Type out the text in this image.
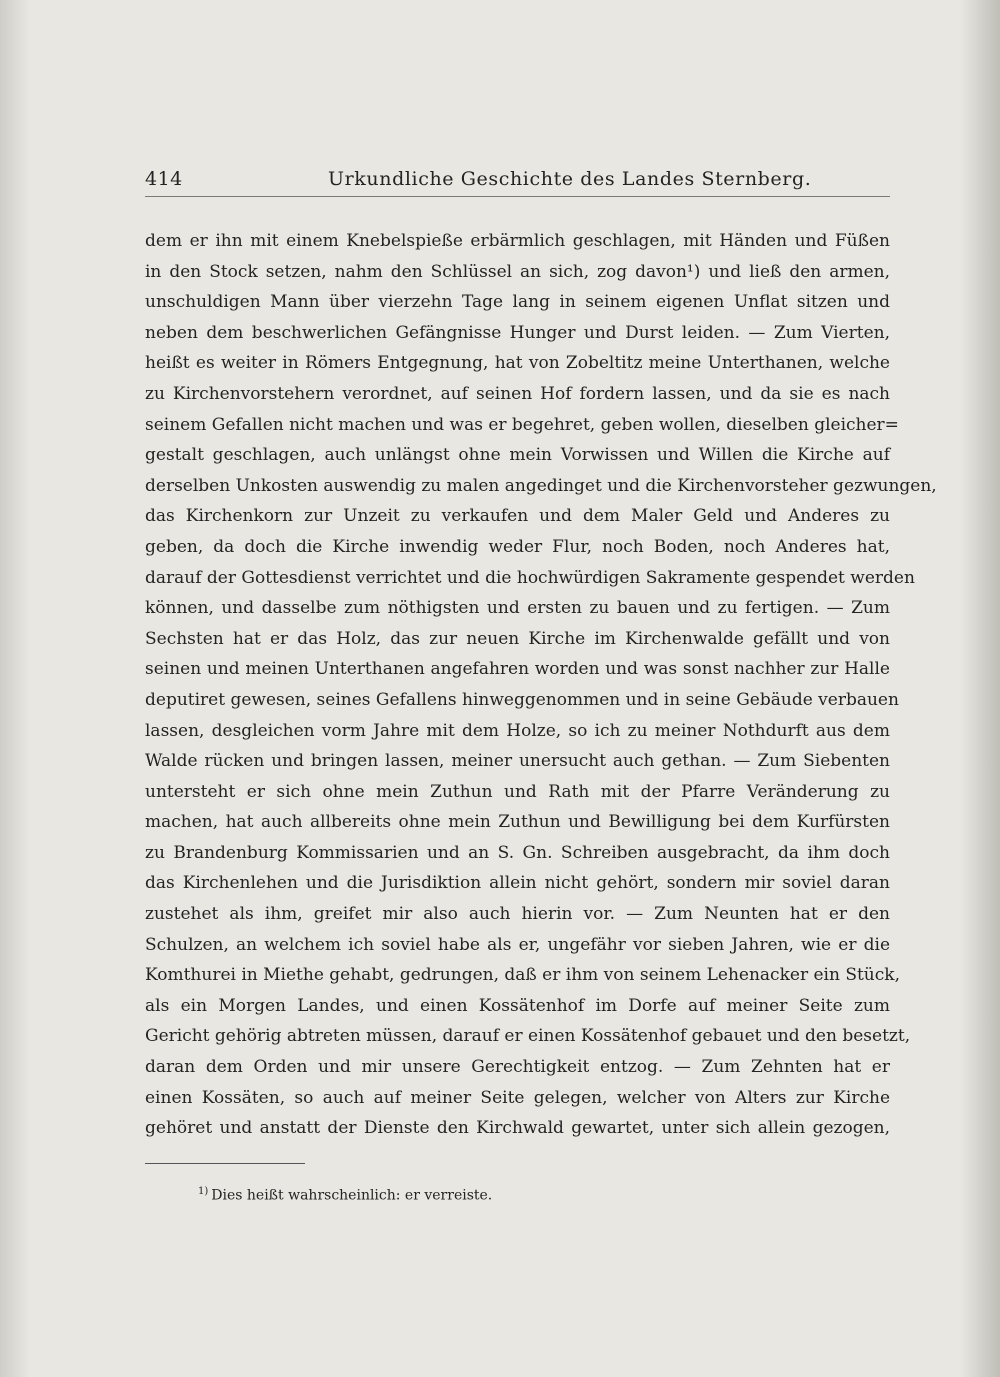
414	Urkundliche Geschichte des Landes Sternberg.
dem er ihn mit einem Knebelspieße erbärmlich geschlagen, mit Händen und Füßen
in den Stock setzen, nahm den Schlüssel an sich, zog davon¹) und ließ den armen,
unschuldigen Mann über vierzehn Tage lang in seinem eigenen Unflat sitzen und
neben dem beschwerlichen Gefängnisse Hunger und Durst leiden. — Zum Vierten,
heißt es weiter in Römers Entgegnung, hat von Zobeltitz meine Unterthanen, welche
zu Kirchenvorstehern verordnet, auf seinen Hof fordern lassen, und da sie es nach
seinem Gefallen nicht machen und was er begehret, geben wollen, dieselben gleicher=
gestalt geschlagen, auch unlängst ohne mein Vorwissen und Willen die Kirche auf
derselben Unkosten auswendig zu malen angedinget und die Kirchenvorsteher gezwungen,
das Kirchenkorn zur Unzeit zu verkaufen und dem Maler Geld und Anderes zu
geben, da doch die Kirche inwendig weder Flur, noch Boden, noch Anderes hat,
darauf der Gottesdienst verrichtet und die hochwürdigen Sakramente gespendet werden
können, und dasselbe zum nöthigsten und ersten zu bauen und zu fertigen. — Zum
Sechsten hat er das Holz, das zur neuen Kirche im Kirchenwalde gefällt und von
seinen und meinen Unterthanen angefahren worden und was sonst nachher zur Halle
deputiret gewesen, seines Gefallens hinweggenommen und in seine Gebäude verbauen
lassen, desgleichen vorm Jahre mit dem Holze, so ich zu meiner Nothdurft aus dem
Walde rücken und bringen lassen, meiner unersucht auch gethan. — Zum Siebenten
untersteht er sich ohne mein Zuthun und Rath mit der Pfarre Veränderung zu
machen, hat auch allbereits ohne mein Zuthun und Bewilligung bei dem Kurfürsten
zu Brandenburg Kommissarien und an S. Gn. Schreiben ausgebracht, da ihm doch
das Kirchenlehen und die Jurisdiktion allein nicht gehört, sondern mir soviel daran
zustehet als ihm, greifet mir also auch hierin vor. — Zum Neunten hat er den
Schulzen, an welchem ich soviel habe als er, ungefähr vor sieben Jahren, wie er die
Komthurei in Miethe gehabt, gedrungen, daß er ihm von seinem Lehenacker ein Stück,
als ein Morgen Landes, und einen Kossätenhof im Dorfe auf meiner Seite zum
Gericht gehörig abtreten müssen, darauf er einen Kossätenhof gebauet und den besetzt,
daran dem Orden und mir unsere Gerechtigkeit entzog. — Zum Zehnten hat er
einen Kossäten, so auch auf meiner Seite gelegen, welcher von Alters zur Kirche
gehöret und anstatt der Dienste den Kirchwald gewartet, unter sich allein gezogen,
$^{1)}$ Dies heißt wahrscheinlich: er verreiste.
